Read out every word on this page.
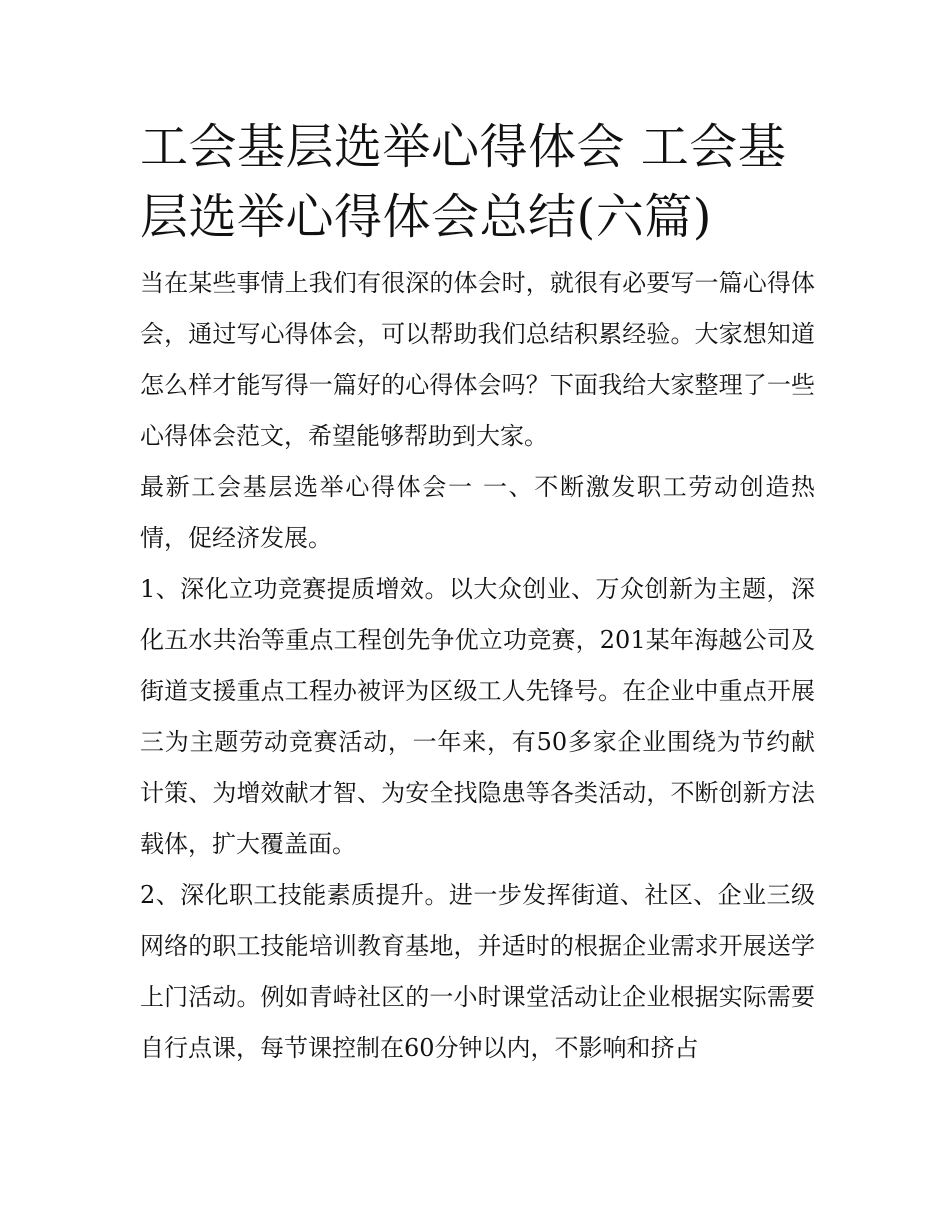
工会基层选举心得体会 工会基层选举心得体会总结(六篇)

当在某些事情上我们有很深的体会时，就很有必要写一篇心得体会，通过写心得体会，可以帮助我们总结积累经验。大家想知道怎么样才能写得一篇好的心得体会吗？下面我给大家整理了一些心得体会范文，希望能够帮助到大家。

最新工会基层选举心得体会一 一、不断激发职工劳动创造热情，促经济发展。

1、深化立功竞赛提质增效。以大众创业、万众创新为主题，深化五水共治等重点工程创先争优立功竞赛，201某年海越公司及街道支援重点工程办被评为区级工人先锋号。在企业中重点开展三为主题劳动竞赛活动，一年来，有50多家企业围绕为节约献计策、为增效献才智、为安全找隐患等各类活动，不断创新方法载体，扩大覆盖面。

2、深化职工技能素质提升。进一步发挥街道、社区、企业三级网络的职工技能培训教育基地，并适时的根据企业需求开展送学上门活动。例如青峙社区的一小时课堂活动让企业根据实际需要自行点课，每节课控制在60分钟以内，不影响和挤占
